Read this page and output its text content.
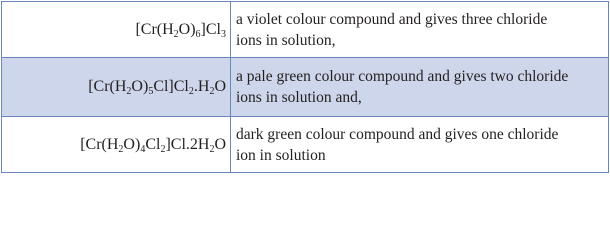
$[Cr(H_2O)_6]Cl_3$	a violet colour compound and gives three chloride
ions in solution,

$[Cr(H_2O)_5Cl]Cl_2.H_2O$	a pale green colour compound and gives two chloride
ions in solution and,

$[Cr(H_2O)_4Cl_2]Cl.2H_2O$	dark green colour compound and gives one chloride
ion in solution
